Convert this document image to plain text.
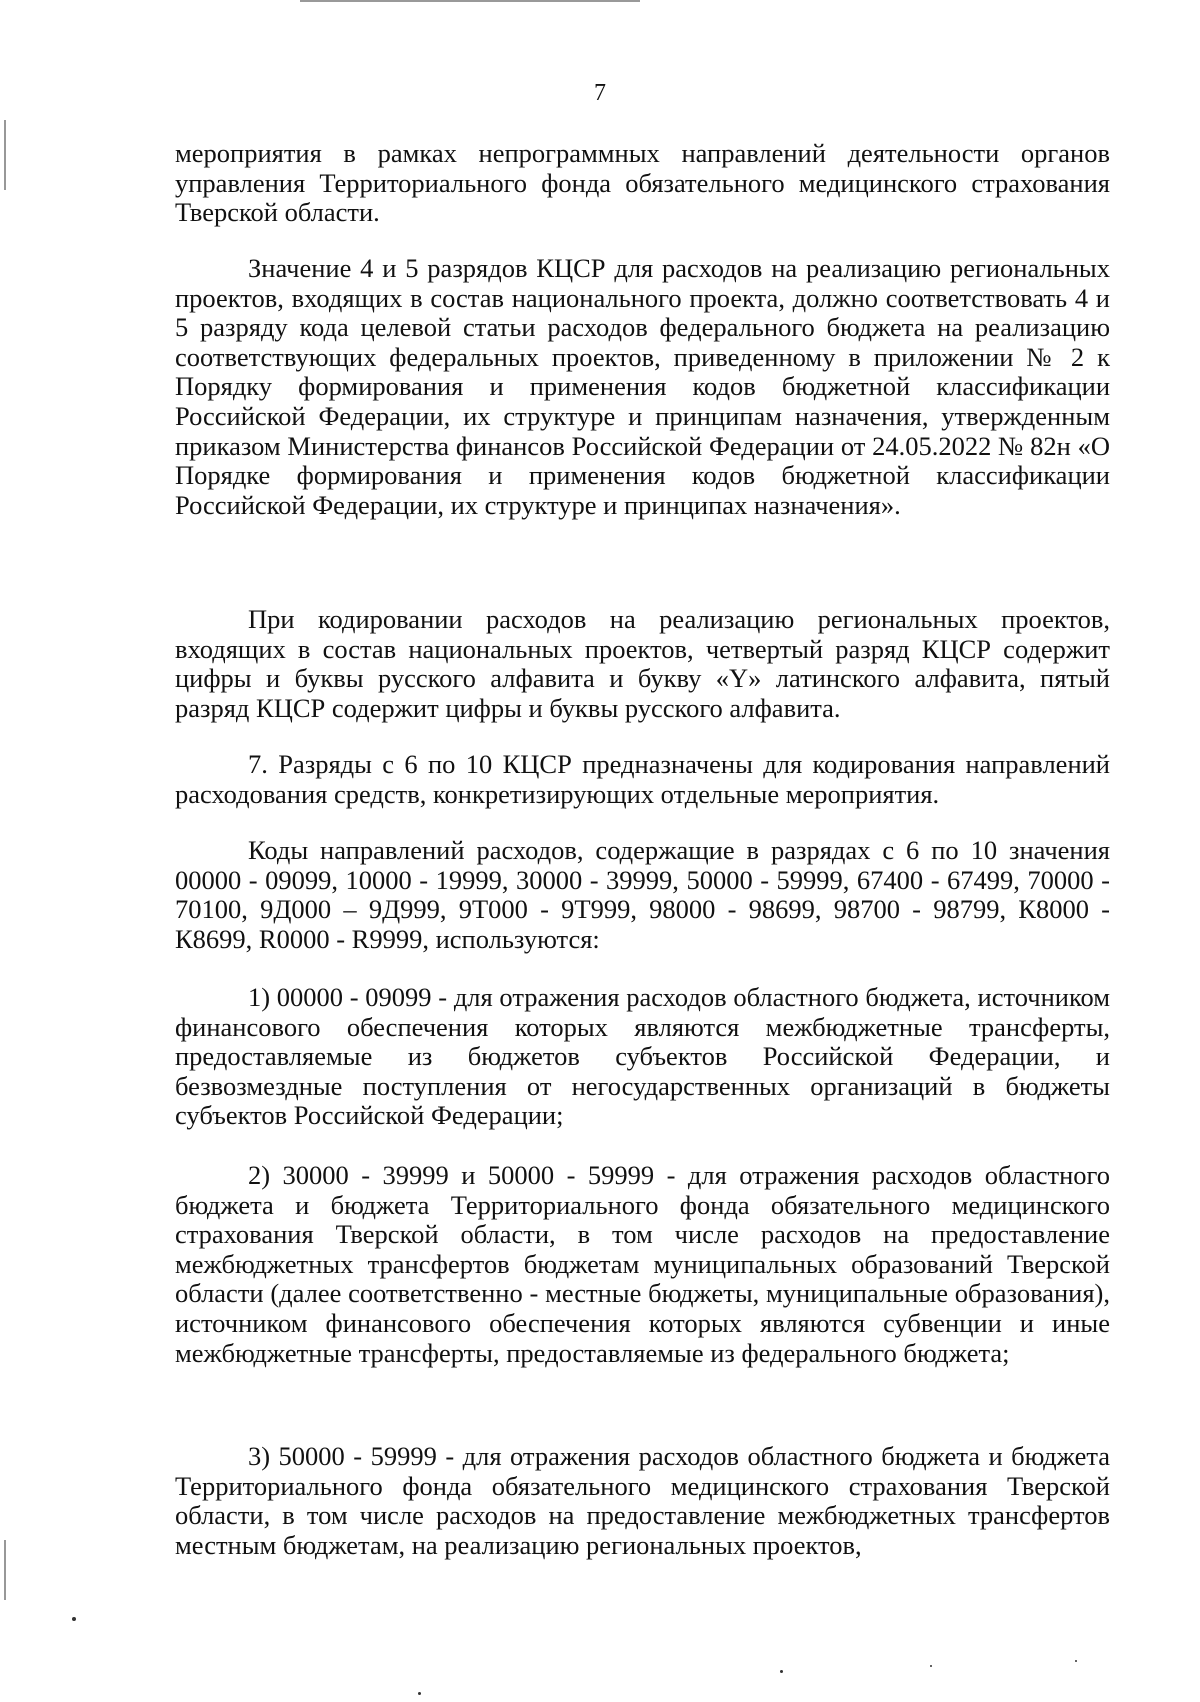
7

мероприятия в рамках непрограммных направлений деятельности органов управления Территориального фонда обязательного медицинского страхования Тверской области.

Значение 4 и 5 разрядов КЦСР для расходов на реализацию региональных проектов, входящих в состав национального проекта, должно соответствовать 4 и 5 разряду кода целевой статьи расходов федерального бюджета на реализацию соответствующих федеральных проектов, приведенному в приложении № 2 к Порядку формирования и применения кодов бюджетной классификации Российской Федерации, их структуре и принципам назначения, утвержденным приказом Министерства финансов Российской Федерации от 24.05.2022 № 82н «О Порядке формирования и применения кодов бюджетной классификации Российской Федерации, их структуре и принципах назначения».

При кодировании расходов на реализацию региональных проектов, входящих в состав национальных проектов, четвертый разряд КЦСР содержит цифры и буквы русского алфавита и букву «Y» латинского алфавита, пятый разряд КЦСР содержит цифры и буквы русского алфавита.

7. Разряды с 6 по 10 КЦСР предназначены для кодирования направлений расходования средств, конкретизирующих отдельные мероприятия.

Коды направлений расходов, содержащие в разрядах с 6 по 10 значения 00000 - 09099, 10000 - 19999, 30000 - 39999, 50000 - 59999, 67400 - 67499, 70000 - 70100, 9Д000 – 9Д999, 9Т000 - 9Т999, 98000 - 98699, 98700 - 98799, К8000 - К8699, R0000 - R9999, используются:

1) 00000 - 09099 - для отражения расходов областного бюджета, источником финансового обеспечения которых являются межбюджетные трансферты, предоставляемые из бюджетов субъектов Российской Федерации, и безвозмездные поступления от негосударственных организаций в бюджеты субъектов Российской Федерации;

2) 30000 - 39999 и 50000 - 59999 - для отражения расходов областного бюджета и бюджета Территориального фонда обязательного медицинского страхования Тверской области, в том числе расходов на предоставление межбюджетных трансфертов бюджетам муниципальных образований Тверской области (далее соответственно - местные бюджеты, муниципальные образования), источником финансового обеспечения которых являются субвенции и иные межбюджетные трансферты, предоставляемые из федерального бюджета;

3) 50000 - 59999 - для отражения расходов областного бюджета и бюджета Территориального фонда обязательного медицинского страхования Тверской области, в том числе расходов на предоставление межбюджетных трансфертов местным бюджетам, на реализацию региональных проектов,
